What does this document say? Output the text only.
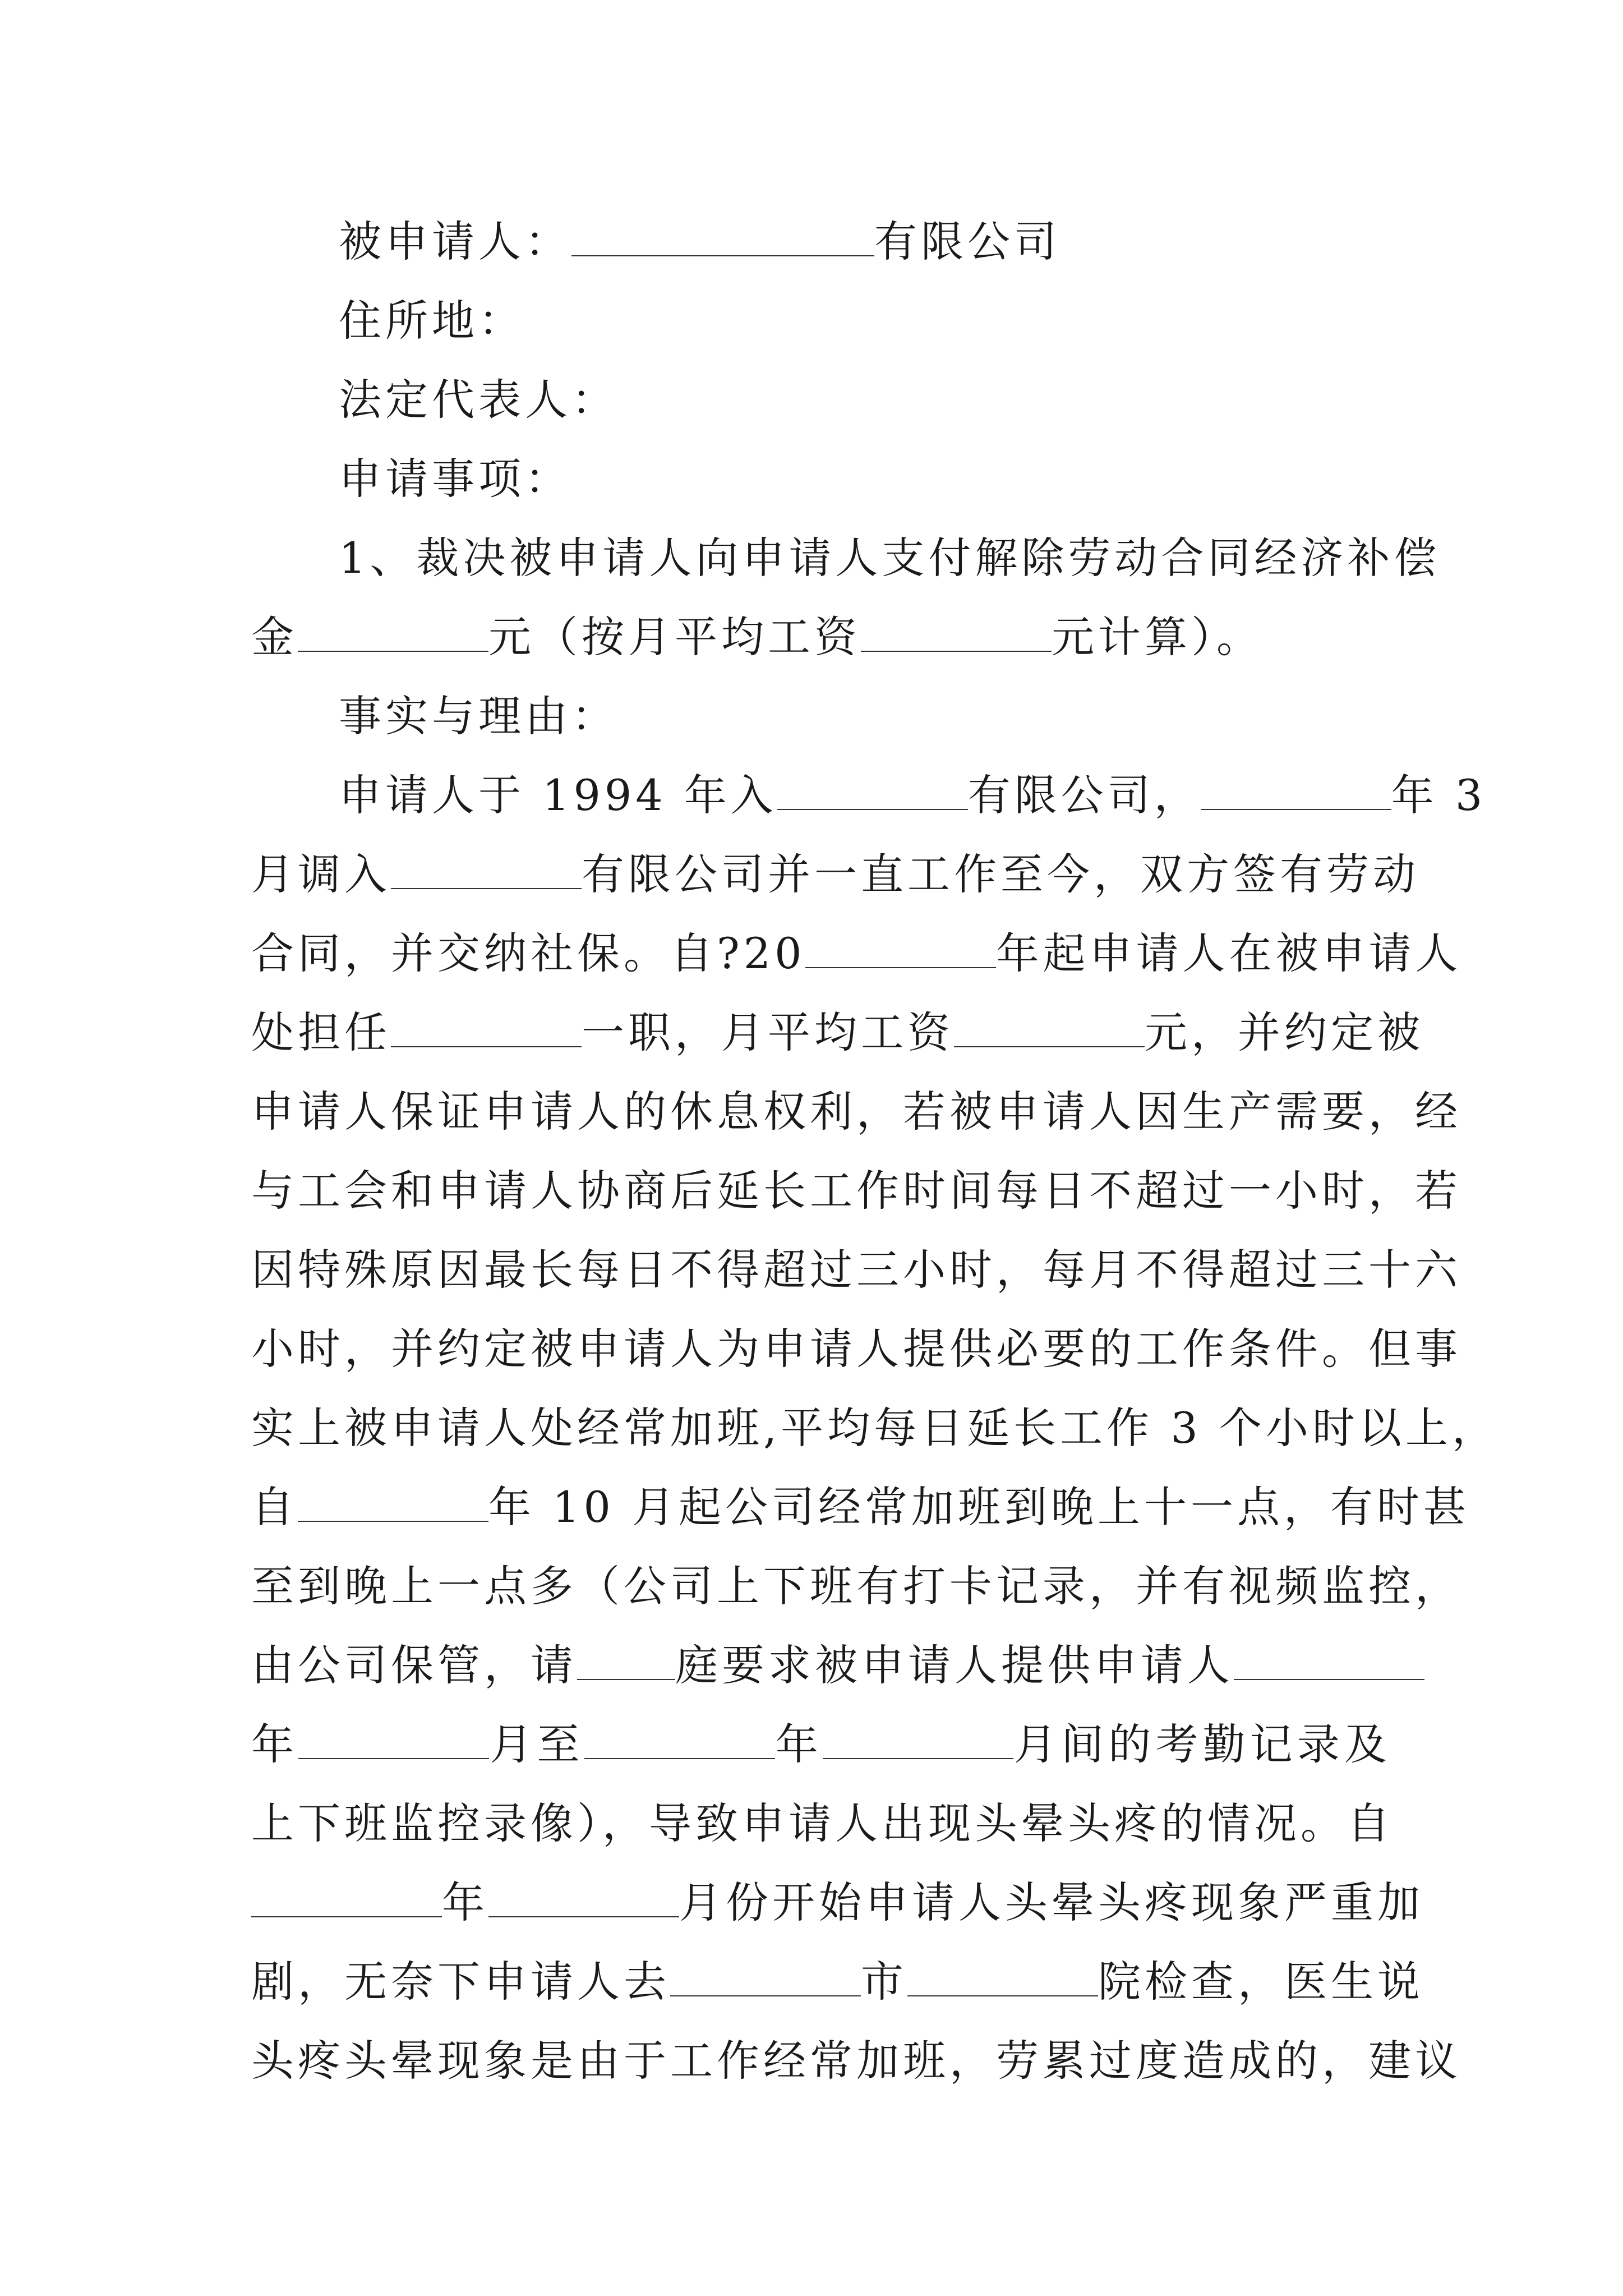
被申请人：	有限公司
住所地：
法定代表人：
申请事项：
1、裁决被申请人向申请人支付解除劳动合同经济补偿
金	元（按月平均工资	元计算）。
事实与理由：
申请人于 1994 年入	有限公司，	年 3
月调入	有限公司并一直工作至今，双方签有劳动
合同，并交纳社保。自?20	年起申请人在被申请人
处担任	一职，月平均工资	元，并约定被
申请人保证申请人的休息权利，若被申请人因生产需要，经
与工会和申请人协商后延长工作时间每日不超过一小时，若
因特殊原因最长每日不得超过三小时，每月不得超过三十六
小时，并约定被申请人为申请人提供必要的工作条件。但事
实上被申请人处经常加班,平均每日延长工作 3 个小时以上，
自	年 10 月起公司经常加班到晚上十一点，有时甚
至到晚上一点多（公司上下班有打卡记录，并有视频监控，
由公司保管，请 庭要求被申请人提供申请人
年	月至	年	月间的考勤记录及
上下班监控录像），导致申请人出现头晕头疼的情况。自
年	月份开始申请人头晕头疼现象严重加
剧，无奈下申请人去	市	院检查，医生说
头疼头晕现象是由于工作经常加班，劳累过度造成的，建议
